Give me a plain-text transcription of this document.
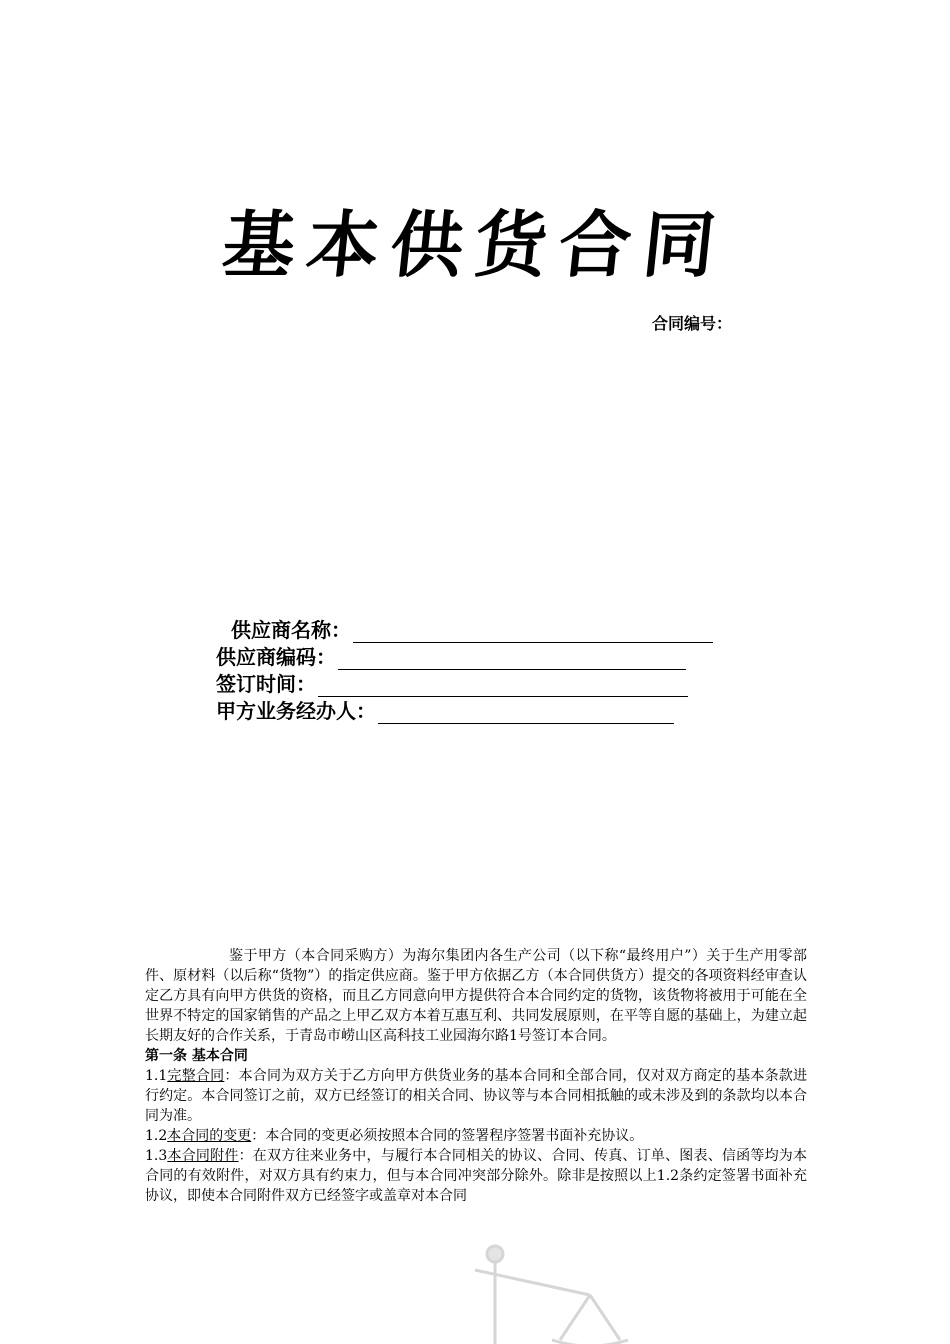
基本供货合同
合同编号：
供应商名称：
供应商编码：
签订时间：
甲方业务经办人：

鉴于甲方（本合同采购方）为海尔集团内各生产公司（以下称“最终用户”）关于生产用零部件、原材料（以后称“货物”）的指定供应商。鉴于甲方依据乙方（本合同供货方）提交的各项资料经审查认定乙方具有向甲方供货的资格，而且乙方同意向甲方提供符合本合同约定的货物，该货物将被用于可能在全世界不特定的国家销售的产品之上甲乙双方本着互惠互利、共同发展原则，在平等自愿的基础上，为建立起长期友好的合作关系，于青岛市崂山区高科技工业园海尔路1号签订本合同。

第一条 基本合同

1.1完整合同：本合同为双方关于乙方向甲方供货业务的基本合同和全部合同，仅对双方商定的基本条款进行约定。本合同签订之前，双方已经签订的相关合同、协议等与本合同相抵触的或未涉及到的条款均以本合同为准。

1.2本合同的变更：本合同的变更必须按照本合同的签署程序签署书面补充协议。

1.3本合同附件：在双方往来业务中，与履行本合同相关的协议、合同、传真、订单、图表、信函等均为本合同的有效附件，对双方具有约束力，但与本合同冲突部分除外。除非是按照以上1.2条约定签署书面补充协议，即使本合同附件双方已经签字或盖章对本合同
